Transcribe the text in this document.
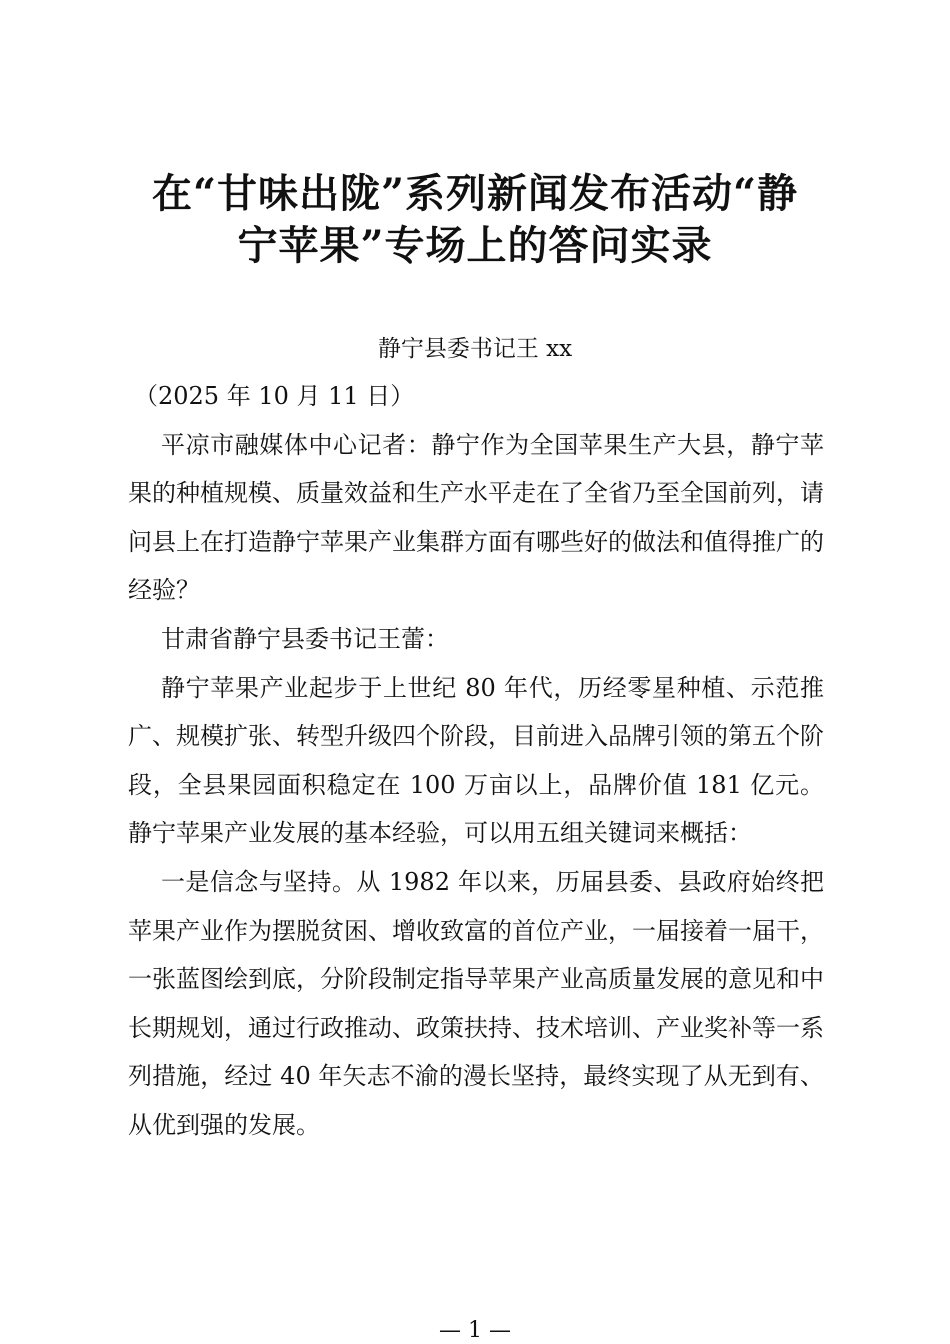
在“甘味出陇”系列新闻发布活动“静
宁苹果”专场上的答问实录
静宁县委书记王 xx

（2025 年 10 月 11 日）

平凉市融媒体中心记者：静宁作为全国苹果生产大县，静宁苹果的种植规模、质量效益和生产水平走在了全省乃至全国前列，请问县上在打造静宁苹果产业集群方面有哪些好的做法和值得推广的经验？

甘肃省静宁县委书记王蕾：

静宁苹果产业起步于上世纪 80 年代，历经零星种植、示范推广、规模扩张、转型升级四个阶段，目前进入品牌引领的第五个阶段，全县果园面积稳定在 100 万亩以上，品牌价值 181 亿元。静宁苹果产业发展的基本经验，可以用五组关键词来概括：

一是信念与坚持。从 1982 年以来，历届县委、县政府始终把苹果产业作为摆脱贫困、增收致富的首位产业，一届接着一届干，一张蓝图绘到底，分阶段制定指导苹果产业高质量发展的意见和中长期规划，通过行政推动、政策扶持、技术培训、产业奖补等一系列措施，经过 40 年矢志不渝的漫长坚持，最终实现了从无到有、从优到强的发展。

— 1 —
